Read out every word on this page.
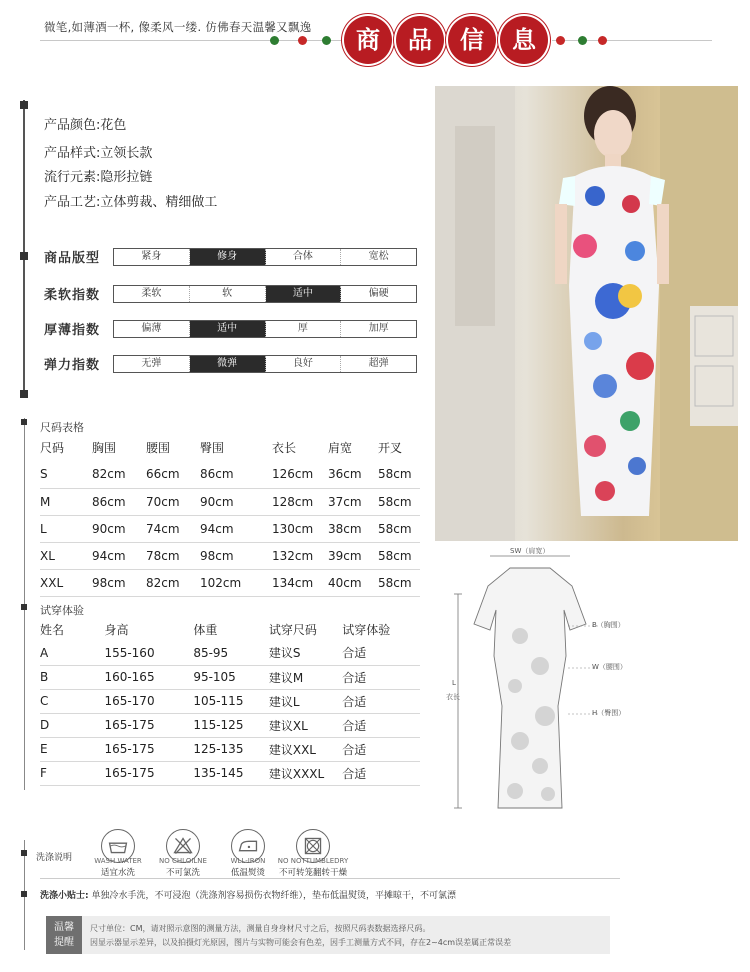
微笔,如薄酒一杯, 像柔风一缕. 仿佛春天温馨又飘逸	商	品	信	息
产品颜色:花色
产品样式:立领长款
流行元素:隐形拉链
产品工艺:立体剪裁、精细做工
商品版型	紧身	修身	合体	宽松
柔软指数	柔软	软	适中	偏硬
厚薄指数	偏薄	适中	厚	加厚
弹力指数	无弹	微弹	良好	超弹
尺码表格
尺码	胸围	腰围	臀围	衣长	肩宽	开叉
S	82cm	66cm	86cm	126cm	36cm	58cm
M	86cm	70cm	90cm	128cm	37cm	58cm
L	90cm	74cm	94cm	130cm	38cm	58cm
XL	94cm	78cm	98cm	132cm	39cm	58cm
XXL	98cm	82cm	102cm	134cm	40cm	58cm
试穿体验
姓名	身高	体重	试穿尺码	试穿体验
A	155-160	85-95	建议S	合适
B	160-165	95-105	建议M	合适
C	165-170	105-115	建议L	合适
D	165-175	115-125	建议XL	合适
E	165-175	125-135	建议XXL	合适
F	165-175	135-145	建议XXXL	合适
SW（肩宽）
B（胸围）
W（腰围）
H（臀围）
L
衣长
洗涤说明	WASH WATER
适宜水洗
NO CHLOILNE
不可氯洗
WLL-IRON
低温熨烫
NO NOTTUMBLEDRY
不可转笼翻转干燥
洗涤小贴士: 单独冷水手洗，不可浸泡（洗涤剂容易损伤衣物纤维），垫布低温熨烫，平摊晾干，不可氯漂
温馨
提醒
尺寸单位：CM，请对照示意图的测量方法，测量自身身材尺寸之后，按照尺码表数据选择尺码。
因显示器显示差异，以及拍摄灯光原因，图片与实物可能会有色差，因手工测量方式不同，存在2~4cm误差属正常误差
